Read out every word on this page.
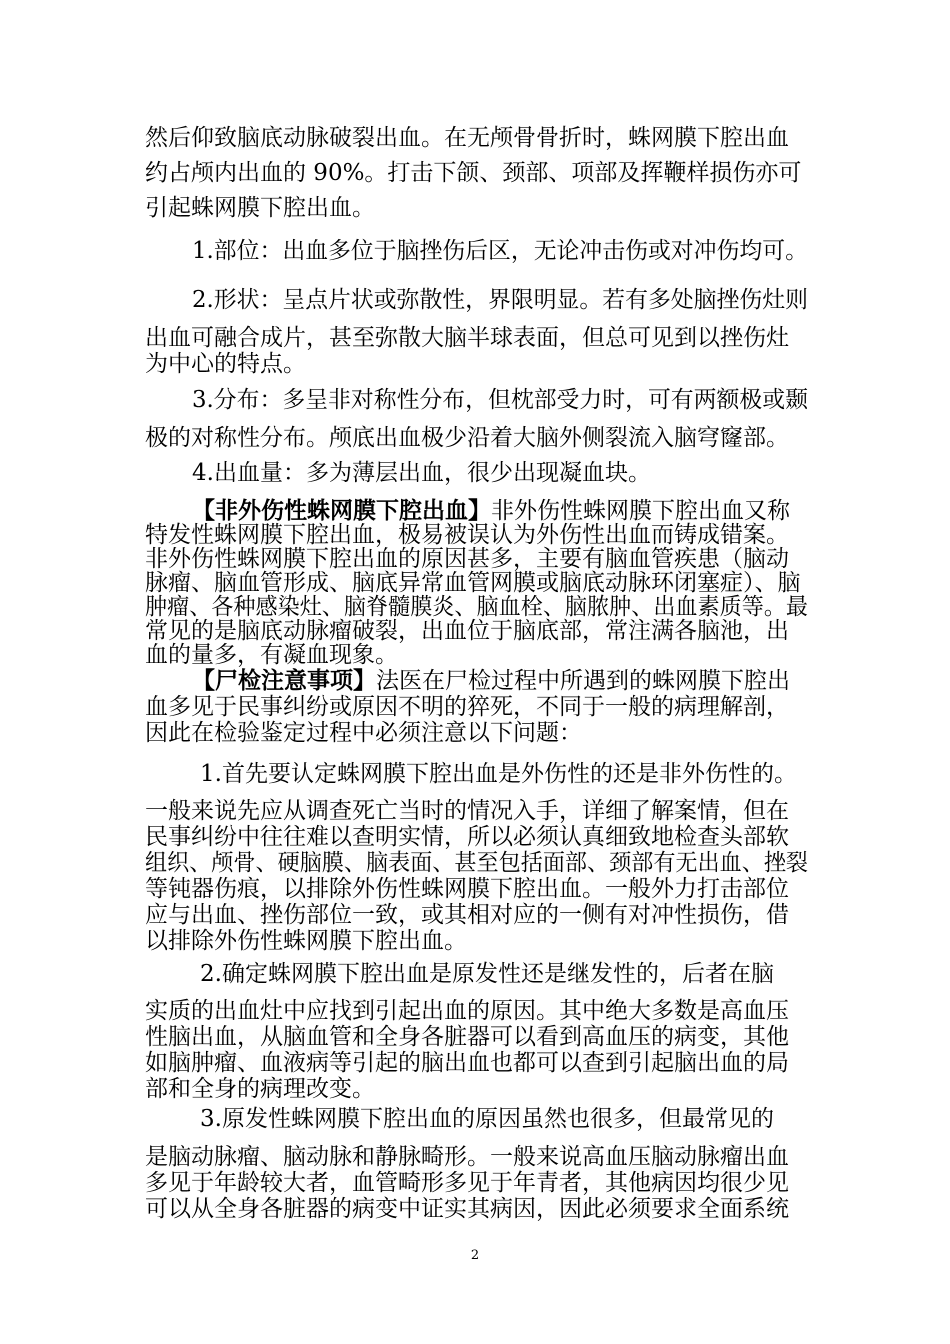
然后仰致脑底动脉破裂出血。在无颅骨骨折时，蛛网膜下腔出血
约占颅内出血的 90%。打击下颌、颈部、项部及挥鞭样损伤亦可
引起蛛网膜下腔出血。
1.部位：出血多位于脑挫伤后区，无论冲击伤或对冲伤均可。
2.形状：呈点片状或弥散性，界限明显。若有多处脑挫伤灶则
出血可融合成片，甚至弥散大脑半球表面，但总可见到以挫伤灶
为中心的特点。
3.分布：多呈非对称性分布，但枕部受力时，可有两额极或颞
极的对称性分布。颅底出血极少沿着大脑外侧裂流入脑穹窿部。
4.出血量：多为薄层出血，很少出现凝血块。
【非外伤性蛛网膜下腔出血】非外伤性蛛网膜下腔出血又称
特发性蛛网膜下腔出血，极易被误认为外伤性出血而铸成错案。
非外伤性蛛网膜下腔出血的原因甚多，主要有脑血管疾患（脑动
脉瘤、脑血管形成、脑底异常血管网膜或脑底动脉环闭塞症）、脑
肿瘤、各种感染灶、脑脊髓膜炎、脑血栓、脑脓肿、出血素质等。最
常见的是脑底动脉瘤破裂，出血位于脑底部，常注满各脑池，出
血的量多，有凝血现象。
【尸检注意事项】法医在尸检过程中所遇到的蛛网膜下腔出
血多见于民事纠纷或原因不明的猝死，不同于一般的病理解剖，
因此在检验鉴定过程中必须注意以下问题：
1.首先要认定蛛网膜下腔出血是外伤性的还是非外伤性的。
一般来说先应从调查死亡当时的情况入手，详细了解案情，但在
民事纠纷中往往难以查明实情，所以必须认真细致地检查头部软
组织、颅骨、硬脑膜、脑表面、甚至包括面部、颈部有无出血、挫裂
等钝器伤痕，以排除外伤性蛛网膜下腔出血。一般外力打击部位
应与出血、挫伤部位一致，或其相对应的一侧有对冲性损伤，借
以排除外伤性蛛网膜下腔出血。
2.确定蛛网膜下腔出血是原发性还是继发性的，后者在脑
实质的出血灶中应找到引起出血的原因。其中绝大多数是高血压
性脑出血，从脑血管和全身各脏器可以看到高血压的病变，其他
如脑肿瘤、血液病等引起的脑出血也都可以查到引起脑出血的局
部和全身的病理改变。
3.原发性蛛网膜下腔出血的原因虽然也很多，但最常见的
是脑动脉瘤、脑动脉和静脉畸形。一般来说高血压脑动脉瘤出血
多见于年龄较大者，血管畸形多见于年青者，其他病因均很少见
可以从全身各脏器的病变中证实其病因，因此必须要求全面系统
2
